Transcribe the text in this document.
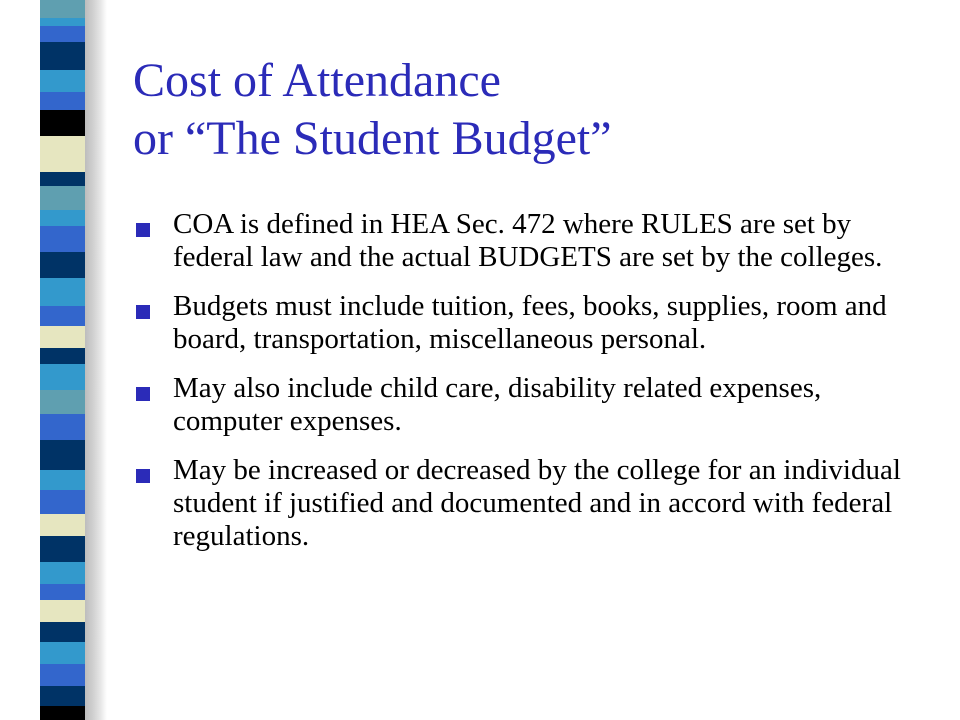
Cost of Attendance
or “The Student Budget”
COA is defined in HEA Sec. 472 where RULES are set by federal law and the actual BUDGETS are set by the colleges.
Budgets must include tuition, fees, books, supplies, room and board, transportation, miscellaneous personal.
May also include child care, disability related expenses, computer expenses.
May be increased or decreased by the college for an individual student if justified and documented and in accord with federal regulations.
